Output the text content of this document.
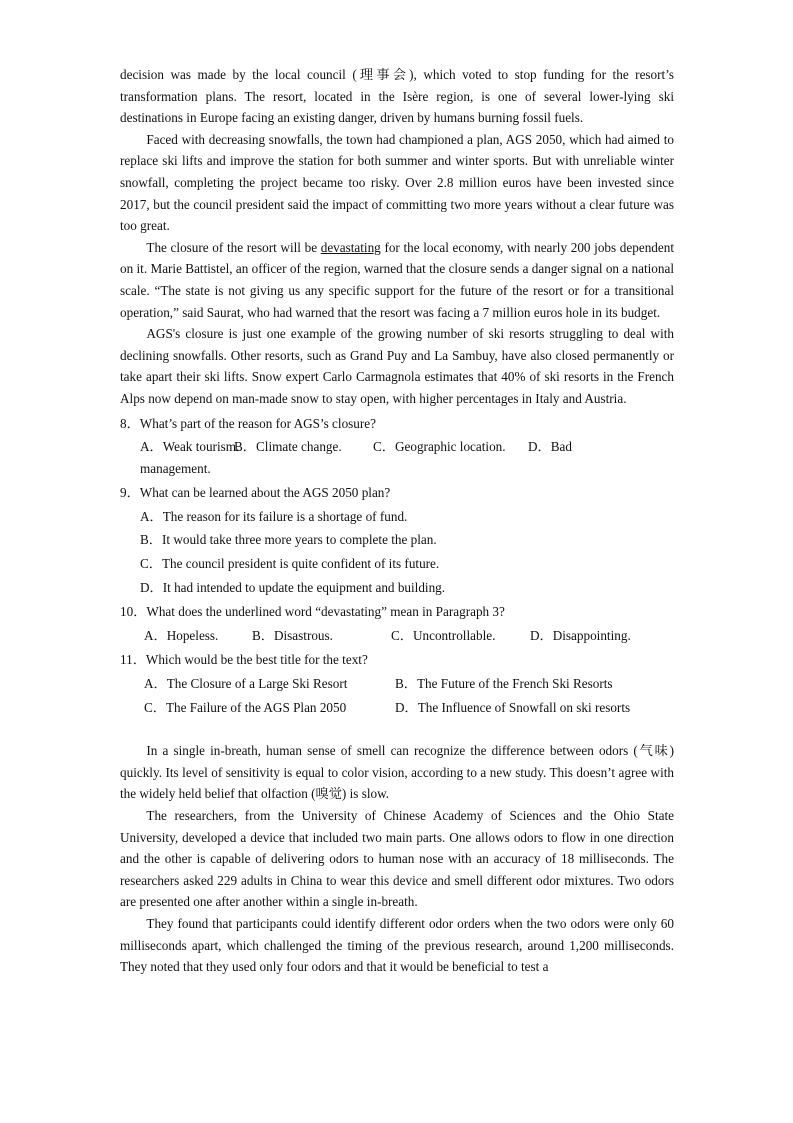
decision was made by the local council (理事会), which voted to stop funding for the resort’s transformation plans. The resort, located in the Isère region, is one of several lower-lying ski destinations in Europe facing an existing danger, driven by humans burning fossil fuels.

Faced with decreasing snowfalls, the town had championed a plan, AGS 2050, which had aimed to replace ski lifts and improve the station for both summer and winter sports. But with unreliable winter snowfall, completing the project became too risky. Over 2.8 million euros have been invested since 2017, but the council president said the impact of committing two more years without a clear future was too great.

The closure of the resort will be devastating for the local economy, with nearly 200 jobs dependent on it. Marie Battistel, an officer of the region, warned that the closure sends a danger signal on a national scale. “The state is not giving us any specific support for the future of the resort or for a transitional operation,” said Saurat, who had warned that the resort was facing a 7 million euros hole in its budget.

AGS's closure is just one example of the growing number of ski resorts struggling to deal with declining snowfalls. Other resorts, such as Grand Puy and La Sambuy, have also closed permanently or take apart their ski lifts. Snow expert Carlo Carmagnola estimates that 40% of ski resorts in the French Alps now depend on man-made snow to stay open, with higher percentages in Italy and Austria.

8．What’s part of the reason for AGS’s closure?
A．Weak tourism.
B．Climate change.	C．Geographic location.	D．Bad
management.
9．What can be learned about the AGS 2050 plan?
A．The reason for its failure is a shortage of fund.
B．It would take three more years to complete the plan.
C．The council president is quite confident of its future.
D．It had intended to update the equipment and building.
10．What does the underlined word “devastating” mean in Paragraph 3?
A．Hopeless.	B．Disastrous.	C．Uncontrollable.	D．Disappointing.
11．Which would be the best title for the text?
A．The Closure of a Large Ski Resort	B．The Future of the French Ski Resorts
C．The Failure of the AGS Plan 2050	D．The Influence of Snowfall on ski resorts

In a single in-breath, human sense of smell can recognize the difference between odors (气味) quickly. Its level of sensitivity is equal to color vision, according to a new study. This doesn’t agree with the widely held belief that olfaction (嗅觉) is slow.

The researchers, from the University of Chinese Academy of Sciences and the Ohio State University, developed a device that included two main parts. One allows odors to flow in one direction and the other is capable of delivering odors to human nose with an accuracy of 18 milliseconds. The researchers asked 229 adults in China to wear this device and smell different odor mixtures. Two odors are presented one after another within a single in-breath.

They found that participants could identify different odor orders when the two odors were only 60 milliseconds apart, which challenged the timing of the previous research, around 1,200 milliseconds. They noted that they used only four odors and that it would be beneficial to test a
